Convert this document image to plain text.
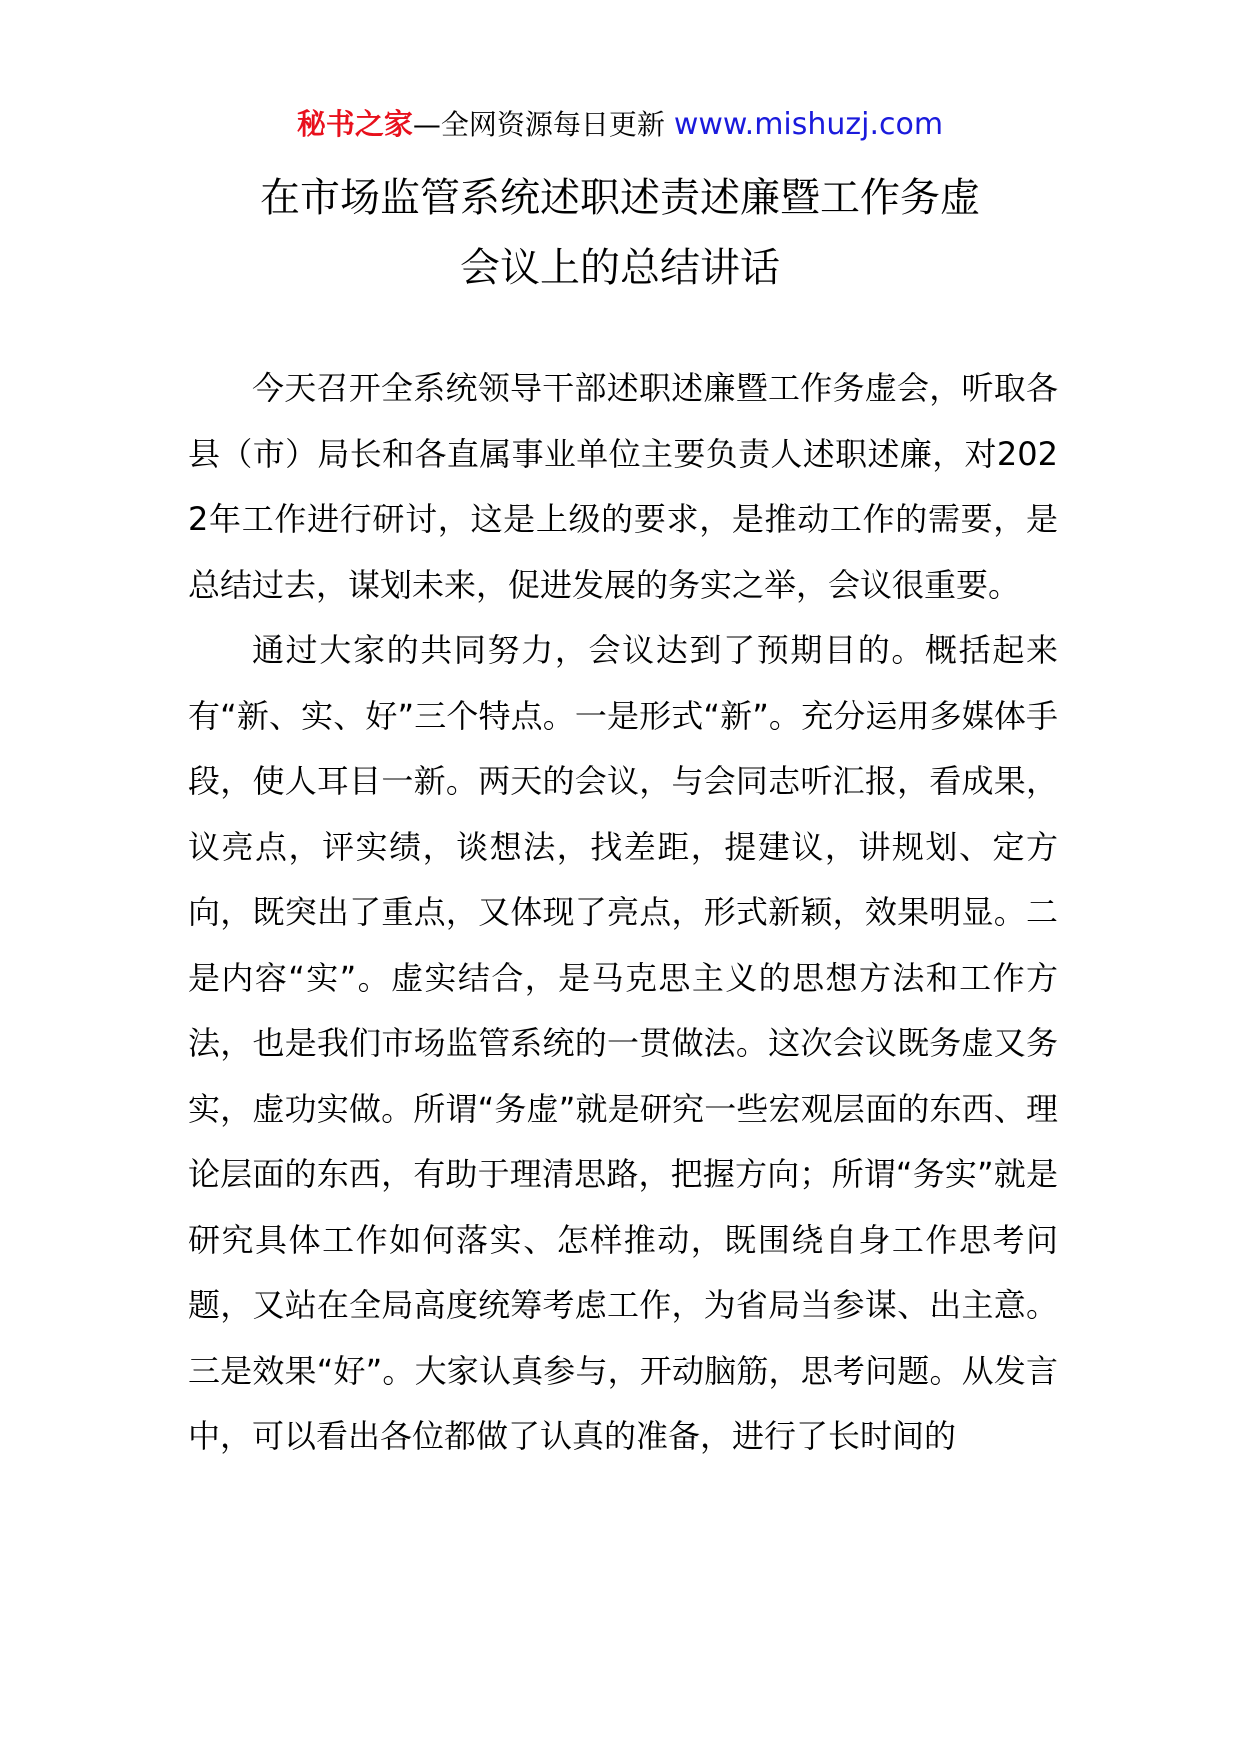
秘书之家—全网资源每日更新 www.mishuzj.com
在市场监管系统述职述责述廉暨工作务虚
会议上的总结讲话

今天召开全系统领导干部述职述廉暨工作务虚会，听取各县（市）局长和各直属事业单位主要负责人述职述廉，对2022年工作进行研讨，这是上级的要求，是推动工作的需要，是总结过去，谋划未来，促进发展的务实之举，会议很重要。

通过大家的共同努力，会议达到了预期目的。概括起来有“新、实、好”三个特点。一是形式“新”。充分运用多媒体手段，使人耳目一新。两天的会议，与会同志听汇报，看成果，议亮点，评实绩，谈想法，找差距，提建议，讲规划、定方向，既突出了重点，又体现了亮点，形式新颖，效果明显。二是内容“实”。虚实结合，是马克思主义的思想方法和工作方法，也是我们市场监管系统的一贯做法。这次会议既务虚又务实，虚功实做。所谓“务虚”就是研究一些宏观层面的东西、理论层面的东西，有助于理清思路，把握方向；所谓“务实”就是研究具体工作如何落实、怎样推动，既围绕自身工作思考问题，又站在全局高度统筹考虑工作，为省局当参谋、出主意。三是效果“好”。大家认真参与，开动脑筋，思考问题。从发言中，可以看出各位都做了认真的准备，进行了长时间的
